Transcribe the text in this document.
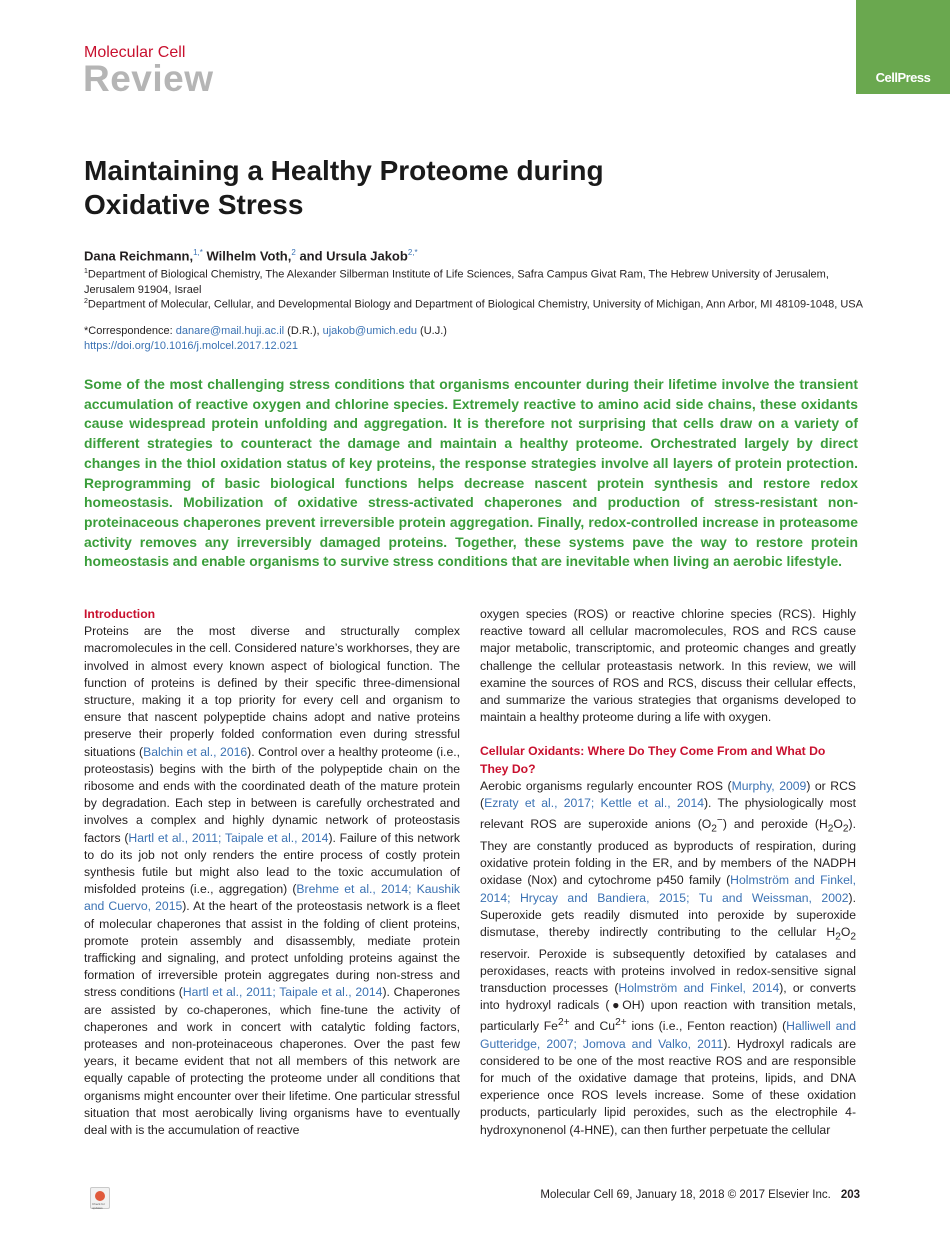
Molecular Cell
Review	CellPress
Maintaining a Healthy Proteome during Oxidative Stress
Dana Reichmann,$^{1,*}$ Wilhelm Voth,$^2$ and Ursula Jakob$^{2,*}$
$^1$Department of Biological Chemistry, The Alexander Silberman Institute of Life Sciences, Safra Campus Givat Ram, The Hebrew University of Jerusalem, Jerusalem 91904, Israel
$^2$Department of Molecular, Cellular, and Developmental Biology and Department of Biological Chemistry, University of Michigan, Ann Arbor, MI 48109-1048, USA
*Correspondence: danare@mail.huji.ac.il (D.R.), ujakob@umich.edu (U.J.)
https://doi.org/10.1016/j.molcel.2017.12.021

Some of the most challenging stress conditions that organisms encounter during their lifetime involve the transient accumulation of reactive oxygen and chlorine species. Extremely reactive to amino acid side chains, these oxidants cause widespread protein unfolding and aggregation. It is therefore not surprising that cells draw on a variety of different strategies to counteract the damage and maintain a healthy proteome. Orchestrated largely by direct changes in the thiol oxidation status of key proteins, the response strategies involve all layers of protein protection. Reprogramming of basic biological functions helps decrease nascent protein synthesis and restore redox homeostasis. Mobilization of oxidative stress-activated chaperones and production of stress-resistant non-proteinaceous chaperones prevent irreversible protein aggregation. Finally, redox-controlled increase in proteasome activity removes any irreversibly damaged proteins. Together, these systems pave the way to restore protein homeostasis and enable organisms to survive stress conditions that are inevitable when living an aerobic lifestyle.

Introduction

Proteins are the most diverse and structurally complex macromolecules in the cell. Considered nature’s workhorses, they are involved in almost every known aspect of biological function. The function of proteins is defined by their specific three-dimensional structure, making it a top priority for every cell and organism to ensure that nascent polypeptide chains adopt and native proteins preserve their properly folded conformation even during stressful situations (Balchin et al., 2016). Control over a healthy proteome (i.e., proteostasis) begins with the birth of the polypeptide chain on the ribosome and ends with the coordinated death of the mature protein by degradation. Each step in between is carefully orchestrated and involves a complex and highly dynamic network of proteostasis factors (Hartl et al., 2011; Taipale et al., 2014). Failure of this network to do its job not only renders the entire process of costly protein synthesis futile but might also lead to the toxic accumulation of misfolded proteins (i.e., aggregation) (Brehme et al., 2014; Kaushik and Cuervo, 2015). At the heart of the proteostasis network is a fleet of molecular chaperones that assist in the folding of client proteins, promote protein assembly and disassembly, mediate protein trafficking and signaling, and protect unfolding proteins against the formation of irreversible protein aggregates during non-stress and stress conditions (Hartl et al., 2011; Taipale et al., 2014). Chaperones are assisted by co-chaperones, which fine-tune the activity of chaperones and work in concert with catalytic folding factors, proteases and non-proteinaceous chaperones. Over the past few years, it became evident that not all members of this network are equally capable of protecting the proteome under all conditions that organisms might encounter over their lifetime. One particular stressful situation that most aerobically living organisms have to eventually deal with is the accumulation of reactive

oxygen species (ROS) or reactive chlorine species (RCS). Highly reactive toward all cellular macromolecules, ROS and RCS cause major metabolic, transcriptomic, and proteomic changes and greatly challenge the cellular proteastasis network. In this review, we will examine the sources of ROS and RCS, discuss their cellular effects, and summarize the various strategies that organisms developed to maintain a healthy proteome during a life with oxygen.

Cellular Oxidants: Where Do They Come From and What Do They Do?

Aerobic organisms regularly encounter ROS (Murphy, 2009) or RCS (Ezraty et al., 2017; Kettle et al., 2014). The physiologically most relevant ROS are superoxide anions $(O_2^-)$ and peroxide $(H_2O_2)$. They are constantly produced as byproducts of respiration, during oxidative protein folding in the ER, and by members of the NADPH oxidase (Nox) and cytochrome p450 family (Holmström and Finkel, 2014; Hrycay and Bandiera, 2015; Tu and Weissman, 2002). Superoxide gets readily dismuted into peroxide by superoxide dismutase, thereby indirectly contributing to the cellular $H_2O_2$ reservoir. Peroxide is subsequently detoxified by catalases and peroxidases, reacts with proteins involved in redox-sensitive signal transduction processes (Holmström and Finkel, 2014), or converts into hydroxyl radicals (●OH) upon reaction with transition metals, particularly $Fe^{2+}$ and $Cu^{2+}$ ions (i.e., Fenton reaction) (Halliwell and Gutteridge, 2007; Jomova and Valko, 2011). Hydroxyl radicals are considered to be one of the most reactive ROS and are responsible for much of the oxidative damage that proteins, lipids, and DNA experience once ROS levels increase. Some of these oxidation products, particularly lipid peroxides, such as the electrophile 4-hydroxynonenol (4-HNE), can then further perpetuate the cellular

Check for updates
Molecular Cell 69, January 18, 2018 © 2017 Elsevier Inc. 203
